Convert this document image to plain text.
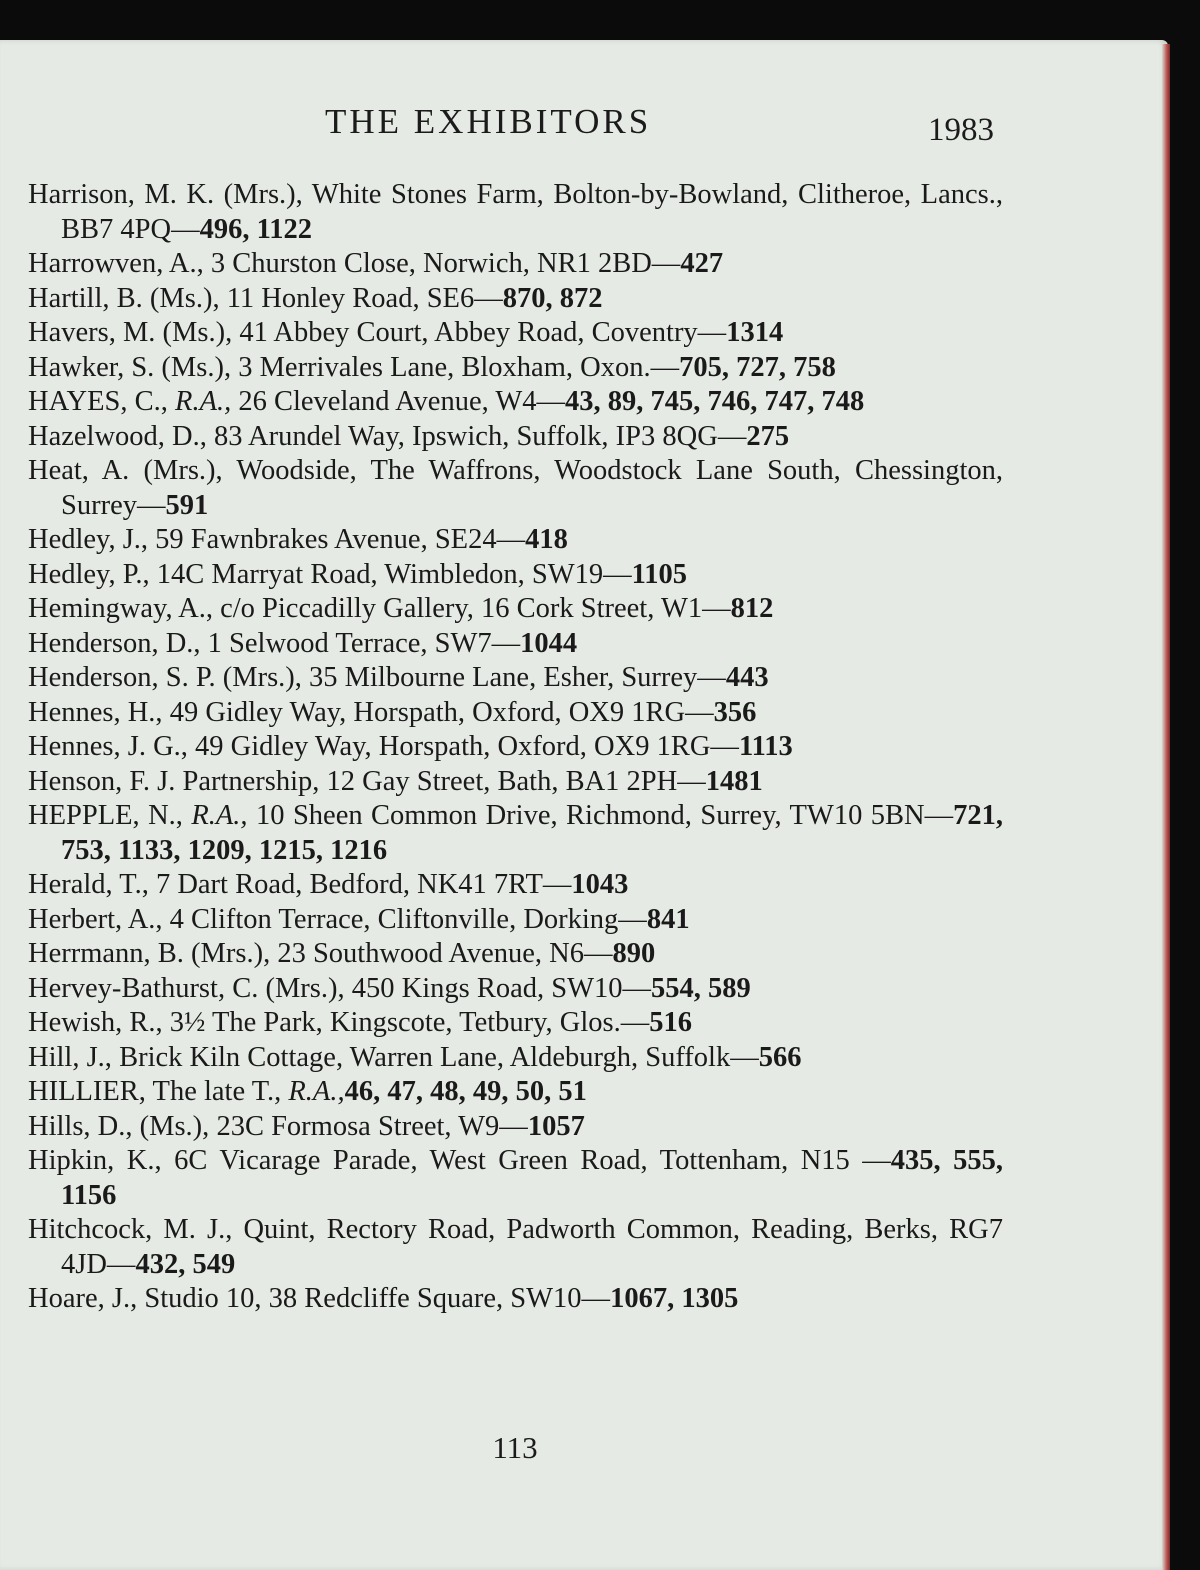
THE EXHIBITORS	1983
Harrison, M. K. (Mrs.), White Stones Farm, Bolton-by-Bowland, Clitheroe, Lancs., BB7 4PQ—496, 1122
Harrowven, A., 3 Churston Close, Norwich, NR1 2BD—427
Hartill, B. (Ms.), 11 Honley Road, SE6—870, 872
Havers, M. (Ms.), 41 Abbey Court, Abbey Road, Coventry—1314
Hawker, S. (Ms.), 3 Merrivales Lane, Bloxham, Oxon.—705, 727, 758
HAYES, C., R.A., 26 Cleveland Avenue, W4—43, 89, 745, 746, 747, 748
Hazelwood, D., 83 Arundel Way, Ipswich, Suffolk, IP3 8QG—275
Heat, A. (Mrs.), Woodside, The Waffrons, Woodstock Lane South, Chessington, Surrey—591
Hedley, J., 59 Fawnbrakes Avenue, SE24—418
Hedley, P., 14C Marryat Road, Wimbledon, SW19—1105
Hemingway, A., c/o Piccadilly Gallery, 16 Cork Street, W1—812
Henderson, D., 1 Selwood Terrace, SW7—1044
Henderson, S. P. (Mrs.), 35 Milbourne Lane, Esher, Surrey—443
Hennes, H., 49 Gidley Way, Horspath, Oxford, OX9 1RG—356
Hennes, J. G., 49 Gidley Way, Horspath, Oxford, OX9 1RG—1113
Henson, F. J. Partnership, 12 Gay Street, Bath, BA1 2PH—1481
HEPPLE, N., R.A., 10 Sheen Common Drive, Richmond, Surrey, TW10 5BN—721, 753, 1133, 1209, 1215, 1216
Herald, T., 7 Dart Road, Bedford, NK41 7RT—1043
Herbert, A., 4 Clifton Terrace, Cliftonville, Dorking—841
Herrmann, B. (Mrs.), 23 Southwood Avenue, N6—890
Hervey-Bathurst, C. (Mrs.), 450 Kings Road, SW10—554, 589
Hewish, R., 3½ The Park, Kingscote, Tetbury, Glos.—516
Hill, J., Brick Kiln Cottage, Warren Lane, Aldeburgh, Suffolk—566
HILLIER, The late T., R.A.,46, 47, 48, 49, 50, 51
Hills, D., (Ms.), 23C Formosa Street, W9—1057
Hipkin, K., 6C Vicarage Parade, West Green Road, Tottenham, N15 —435, 555, 1156
Hitchcock, M. J., Quint, Rectory Road, Padworth Common, Reading, Berks, RG7 4JD—432, 549
Hoare, J., Studio 10, 38 Redcliffe Square, SW10—1067, 1305
113
